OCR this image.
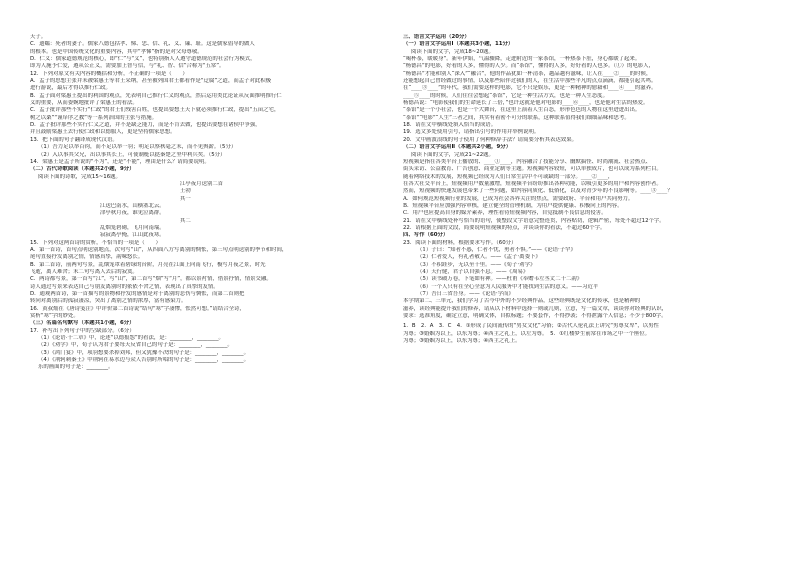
天子。
C．遗孀：死者的妻子。儒家八德包括孝、悌、忠、信、礼、义、廉、耻。这是儒家倡导的做人
的根本。也是中国传统文化的重要内容，其中“孝悌”指的是对父母尊敬。
D．仁义：儒家道德规范的核心，即“仁”与“义”，也特别指人人遵守道德规范的社会行为模式，
即为人施予仁爱，遵从公正义，需要加上智与信，与“礼、智、信”合称为“五常”。
12．下列对原文有关内容的概括和分析，不正确的一项是（　　）
A．孟子的思想主张并未被梁惠王等君王采纳，甚至被列国君王都看作是“迂腐”之道，而孟子对此积极
进行游说，最后才得以推行仁政。
B．孟子面对梁惠王提出的利国的观点，先表明自己推行仁义的观点，然后运用类比论证从反面推明推行仁
义的重要，从而委婉地批评了梁惠王的看法。
C．孟子批评那些不实行“仁政”的君王们残害百姓，也提出要想王天下就必须推行仁政，提出“五亩之宅，
树之以桑”“谨庠序之教”等一系列治国的主张与措施。
D．孟子批评那些不实行仁义之道，并不是缺乏能力，而是不肯去做，也提出要想在诸侯中争强，
并且鼓励梁惠王去行使仁政和以德服人，更是坚持儒家思想。
13．把下面的句子翻译成现代汉语。
（1）吾力足以举百钧，而不足以举一羽；明足以察秋毫之末，而不见舆薪。（5分）
（2）入以事其父兄，出以事其长上，可使制梃以挞秦楚之坚甲利兵矣。（5分）
14．梁惠王是孟子所说的“不为”，还是“不能”，理由是什么？请简要说明。
（二）古代诗歌阅读（本题共2小题，9分）
阅读下面的诗歌，完成15~16题。
江亭夜月送别二首
王勃
其一
江送巴南水，山横塞北云。
津亭秋月夜，谁见泣离群。
其二
乱烟笼碧砌，飞月向南端。
寂寂离亭掩，江山此夜寒。
15．下列对这两首诗的赏析，不恰当的一项是（　　）
A．第一首诗，首句点明送别地点，次句写“山”，从四面八方写离别的惆怅，第三句点明送别的季节和时间，
尾句直接抒发离别之情，情感真挚，韵味悠长。
B．第二首诗，前两句写景，乱烟笼罩着碧绿的台阶，月亮在江面上向南飞行，极写月夜之景，时光
飞逝，离人难舍；末二句写离人去后的寂寞。
C．两诗都写景，第一首写“江”，写“山”，第二首写“烟”写“月”，都以景衬情，借景抒情，情景交融。
诗人通过写景来表达自己与朋友离别时的依依不舍之情，表现出了真挚的友情。
D．通观两首诗，第一首描写的景物和抒发的感情是对于离别的悲伤与惆怅，而第二首则把
转向对离别后的孤寂凄凉，突出了离别之情的浓厚，富有感染力。
16．黄叔灿在《唐诗笺注》中评价第二首诗说“结句“寒”字凄惨，怅然可想。”请结合全诗，
赏析“寒”字的妙处。
（三）名篇名句默写（本题共1小题，6分）
17．补写出下列句子中的空缺部分。（6分）
（1）《论语·十二章》中，论述“以德报怨”的看法，是：________，________。
（2）《劝学》中，荀子认为君子要每天反省自己的句子是：________，________。
（3）《鸿门宴》中，项羽想要杀掉刘邦，但又犹豫不决的句子是：________，________。
（4）《荆轲刺秦王》中荆轲在易水边与众人告别时所唱的句子是：________，________。
乐的画面的句子是：________。
三、语言文字运用（20分）
（一）语言文字运用Ⅰ（本题共3小题，11分）
阅读下面的文字，完成18~20题。
“喝杯茶，暖暖身”。新年伊始，气温骤降，走进附近的一家茶馆，一杯热茶下肚，身心都暖了起来。
“杨德昌”的电影，好看的人多，懂得的人少。而“茶馆”，懂得的人多，好好看的人也多。（①）的电影人，
“杨德昌”才能和别人“深入”“融合”，他的作品犹如一杯清茶，越品越有滋味，让人在____②____的时候，
还能想起自己曾经做过的事情，以及那些陪伴过我们的人，在生活中那些平凡的点点滴滴，都能引起共鸣。
在“____③____”的年代，我们需要这样的电影，它不只是娱乐，更是一种精神的慰藉和____④____的滋养。
____⑤____的时候，人们往往会想起“茶馆”，它是一种生活方式，也是一种人生态度。
杨德昌说：“电影使我们的生命延长了三倍，”也许这就是他对电影的____⑥____，也是他对生活的热爱。
“茶馆”是一个小社会，也是一个大舞台，在这里上演着人生百态，形形色色的人物在这里进进出出。
“茶馆”“电影”“人生”三者之间，其实有着密不可分的联系，这种联系值得我们细细品味和思考。
18．请在文中横线处填入恰当的成语。
19．选文多处使用引号，请指出引号的作用并举例说明。
20．文中画波浪线的句子使用了何种修辞手法？请简要分析其表达效果。
（二）语言文字运用Ⅱ（本题共2小题，9分）
阅读下面的文字，完成21~22题。
短视频是指在各类平台上播放的、____①____，内容融合了技能分享、幽默搞怪、时尚潮流、社会热点、
街头采访、公益教育、广告创意、商业定制等主题。短视频内容较短，可以单独成片，也可以成为系列栏目。
随着网络技术的发展，短视频已经成为人们日常生活中不可或缺的一部分。____②____，
在各大社交平台上，短视频用户数量激增，短视频平台纷纷推出各种功能，以吸引更多的用户和内容创作者。
然而，短视频的快速发展也带来了一些问题，如内容同质化、低俗化，以及对青少年的不良影响等。____③____？
A．如何规范短视频行业的发展，已成为社会各界关注的焦点，需要政府、平台和用户共同努力。
B．短视频平台应加强内容审核，建立健全的管理机制，为用户提供健康、积极向上的内容。
C．用户也应提高自身的媒介素养，理性看待短视频内容，自觉抵制不良信息的侵害。
21．请在文中横线处补写恰当的语句，使整段文字语意完整连贯，内容贴切，逻辑严密，每处不超过12个字。
22．请根据上面的文段，简要说明短视频的特点，并谈谈你的看法，不超过60个字。
四、写作（60分）
23．阅读下面的材料，根据要求写作。（60分）
（1）子曰：“知者不惑，仁者不忧，勇者不惧。”——《论语·子罕》
（2）仁者爱人，有礼者敬人。——《孟子·离娄下》
（3）不积跬步，无以至千里。——《荀子·劝学》
（4）天行健，君子以自强不息。——《周易》
（5）读书破万卷，下笔如有神。——杜甫《奉赠韦左丞丈二十二韵》
（6）一个人只有在全心全意为人民服务中才能找到生活的意义。——习近平
（7）吾日三省吾身。——《论语·学而》
本学期第二、三单元，我们学习了古今中外的不少经典作品，这些经典既是文化的传承，也是精神的
滋养，读经典能提升我们的修养，请从以下材料中选择一则或几则，立意，写一篇文章，谈谈你对经典的认识，
要求：选准角度，确定立意，明确文体，自拟标题；不要套作，不得抄袭；不得泄露个人信息；不少于800字。
1．B　2．A　3．C　4．①形成了民间流传的“男女文化”习俗；②古代人伦礼法上讲究“男尊女卑”，以男性
为尊；③婚姻为以上，以东为尊；④西主之礼上，以左为尊。　5．①红楼梦生前常在市场之中一个座位。
为尊；③婚姻为以上，以东为尊；④西主之礼上。
